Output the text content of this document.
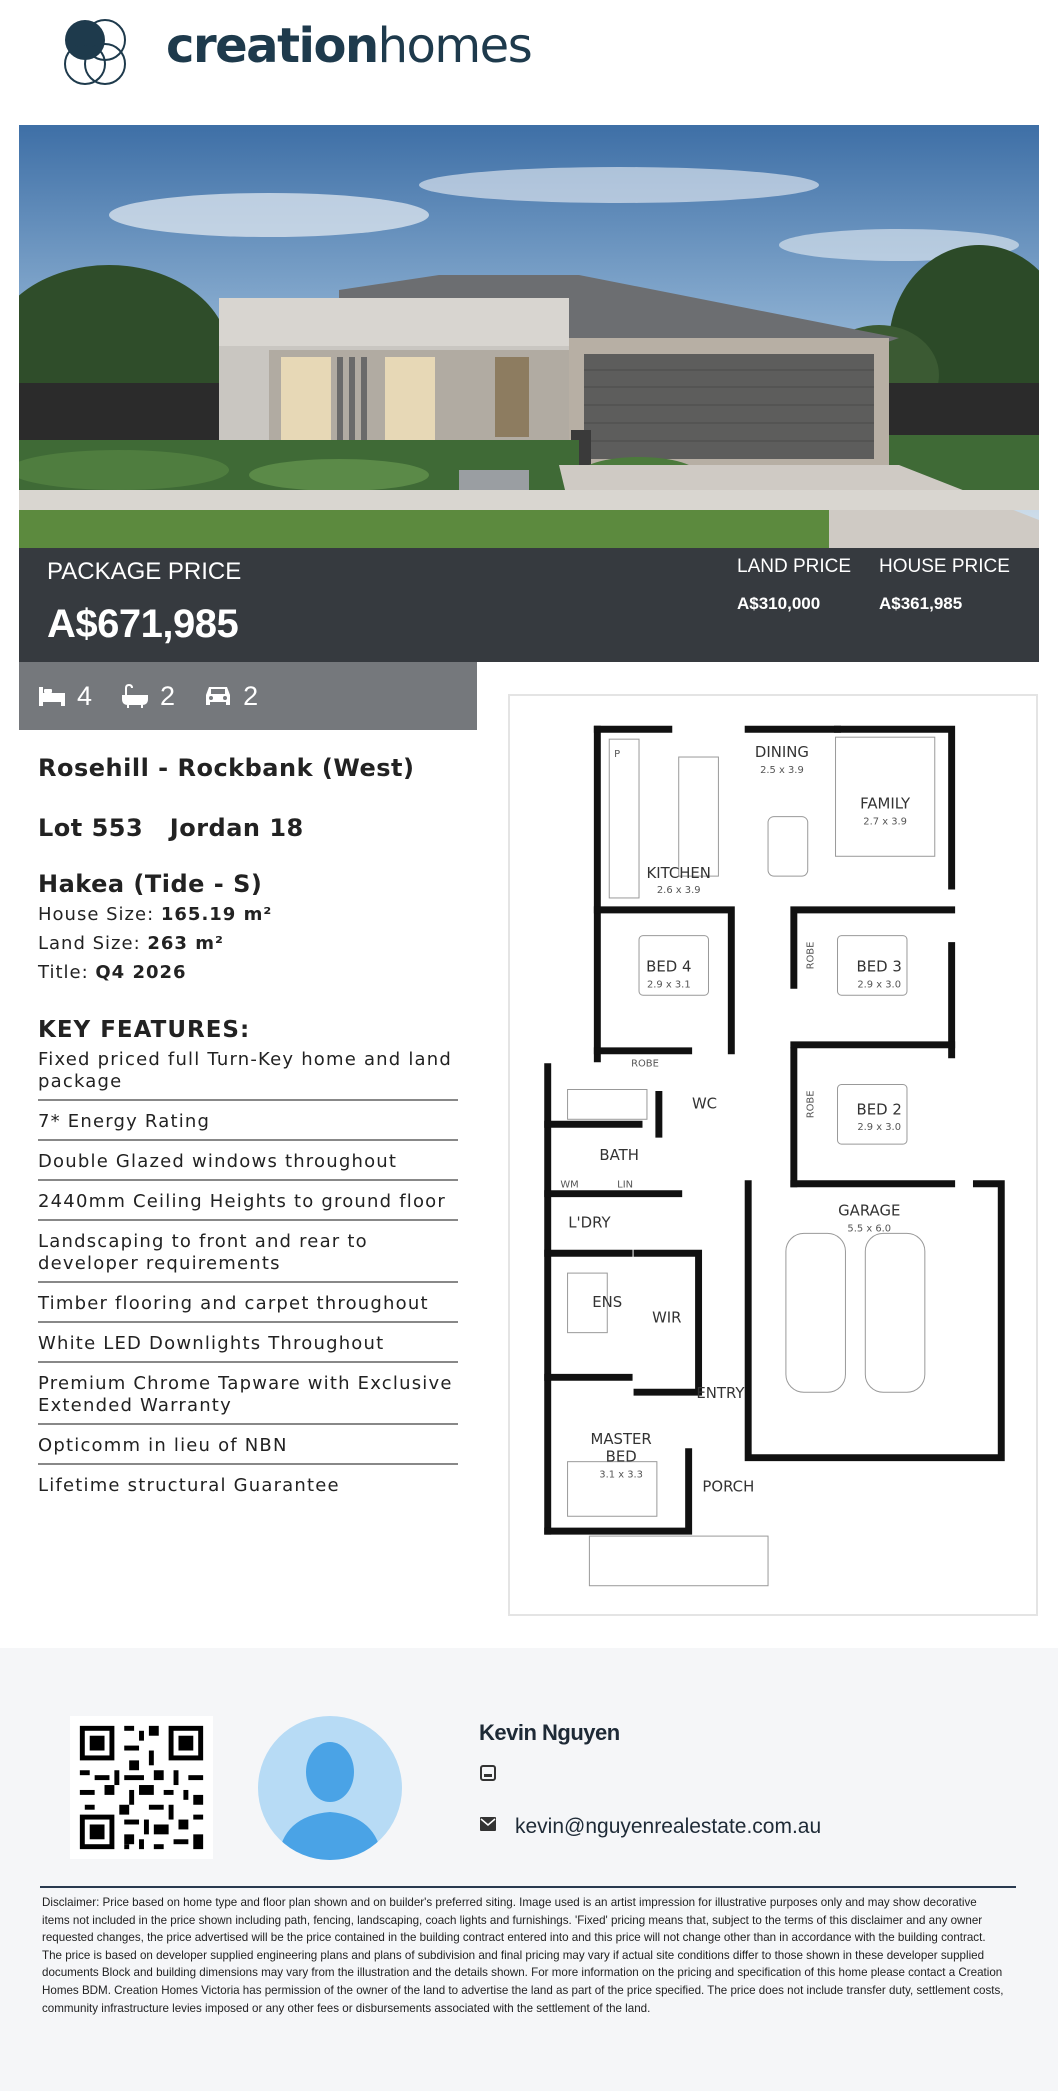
creationhomes
PACKAGE PRICE
A$671,985
LAND PRICE
A$310,000
HOUSE PRICE
A$361,985
4	2	2
Rosehill - Rockbank (West)
Lot 553   Jordan 18
Hakea (Tide - S)
House Size: 165.19 m²
Land Size: 263 m²
Title: Q4 2026
KEY FEATURES:
Fixed priced full Turn-Key home and land package
7* Energy Rating
Double Glazed windows throughout
2440mm Ceiling Heights to ground floor
Landscaping to front and rear to developer requirements
Timber flooring and carpet throughout
White LED Downlights Throughout
Premium Chrome Tapware with Exclusive Extended Warranty
Opticomm in lieu of NBN
Lifetime structural Guarantee
DINING
2.5 x 3.9
FAMILY
2.7 x 3.9
KITCHEN
2.6 x 3.9
P
BED 4
2.9 x 3.1
ROBE
BED 3
2.9 x 3.0
ROBE
BED 2
2.9 x 3.0
ROBE
WC
BATH
LIN
WM
L'DRY
ENS
WIR
ENTRY
GARAGE
5.5 x 6.0
MASTER
BED
3.1 x 3.3
PORCH
Kevin Nguyen
kevin@nguyenrealestate.com.au
Disclaimer: Price based on home type and floor plan shown and on builder's preferred siting. Image used is an artist impression for illustrative purposes only and may show decorative items not included in the price shown including path, fencing, landscaping, coach lights and furnishings. 'Fixed' pricing means that, subject to the terms of this disclaimer and any owner requested changes, the price advertised will be the price contained in the building contract entered into and this price will not change other than in accordance with the building contract. The price is based on developer supplied engineering plans and plans of subdivision and final pricing may vary if actual site conditions differ to those shown in these developer supplied documents Block and building dimensions may vary from the illustration and the details shown. For more information on the pricing and specification of this home please contact a Creation Homes BDM. Creation Homes Victoria has permission of the owner of the land to advertise the land as part of the price specified. The price does not include transfer duty, settlement costs, community infrastructure levies imposed or any other fees or disbursements associated with the settlement of the land.
